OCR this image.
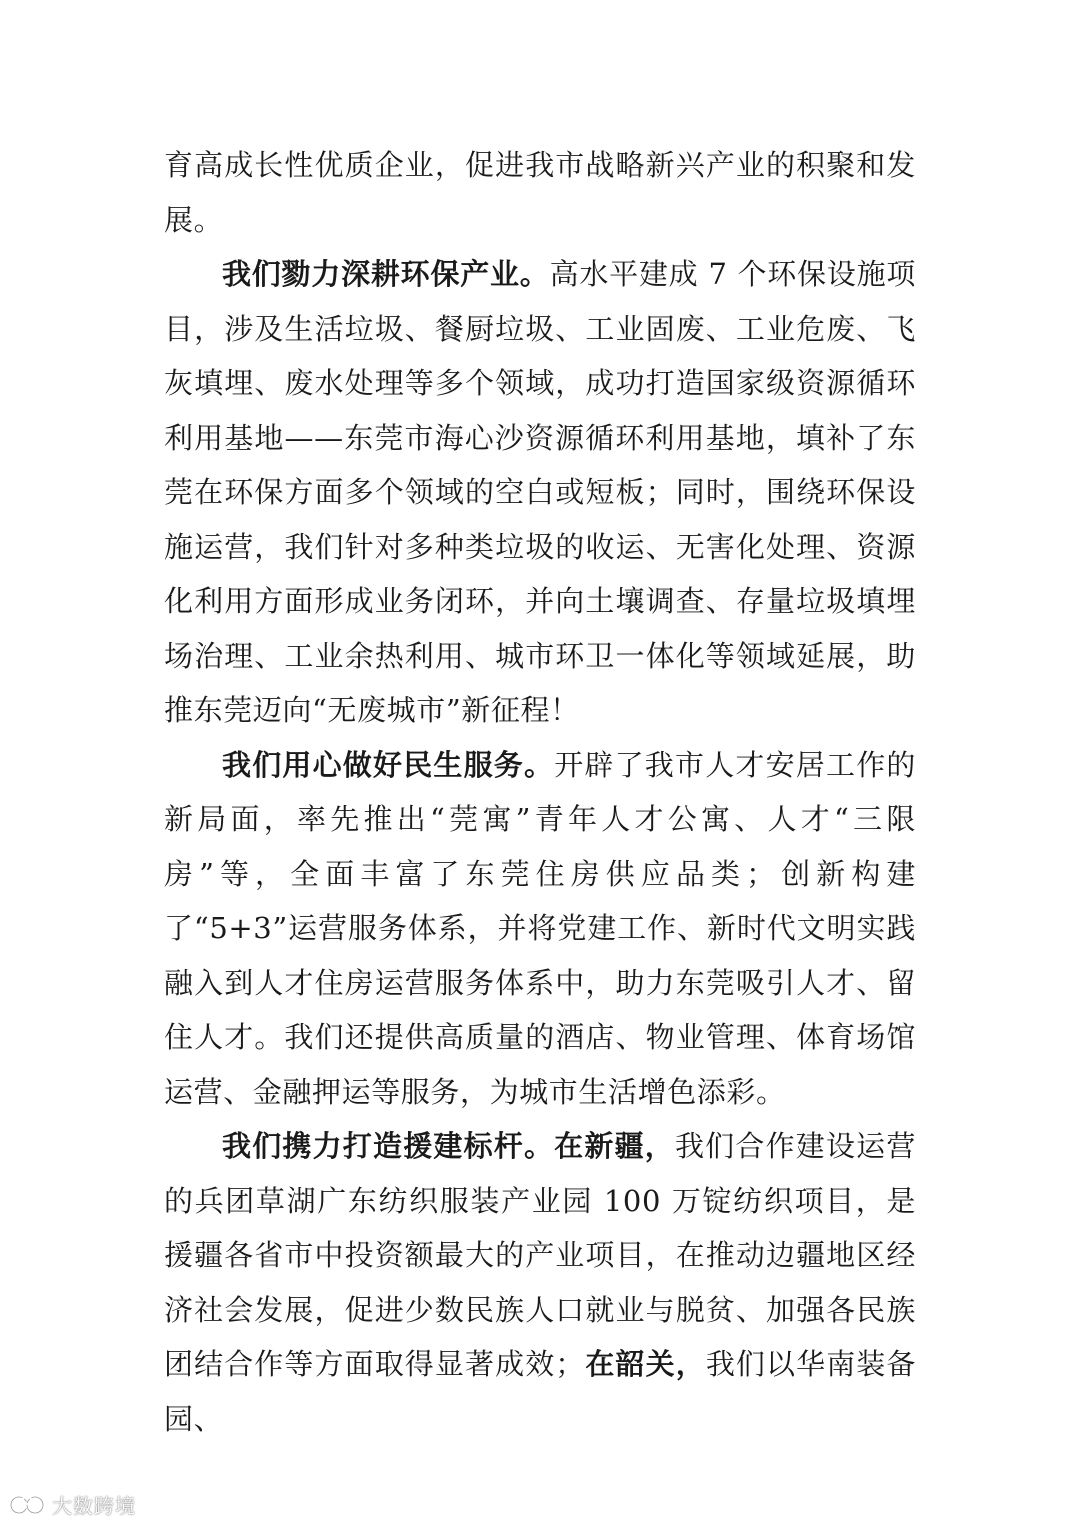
育高成长性优质企业，促进我市战略新兴产业的积聚和发展。

我们勠力深耕环保产业。高水平建成 7 个环保设施项目，涉及生活垃圾、餐厨垃圾、工业固废、工业危废、飞灰填埋、废水处理等多个领域，成功打造国家级资源循环利用基地——东莞市海心沙资源循环利用基地，填补了东莞在环保方面多个领域的空白或短板；同时，围绕环保设施运营，我们针对多种类垃圾的收运、无害化处理、资源化利用方面形成业务闭环，并向土壤调查、存量垃圾填埋场治理、工业余热利用、城市环卫一体化等领域延展，助推东莞迈向“无废城市”新征程！

我们用心做好民生服务。开辟了我市人才安居工作的新局面，率先推出“莞寓”青年人才公寓、人才“三限房”等，全面丰富了东莞住房供应品类；创新构建了“5+3”运营服务体系，并将党建工作、新时代文明实践融入到人才住房运营服务体系中，助力东莞吸引人才、留住人才。我们还提供高质量的酒店、物业管理、体育场馆运营、金融押运等服务，为城市生活增色添彩。

我们携力打造援建标杆。在新疆，我们合作建设运营的兵团草湖广东纺织服装产业园 100 万锭纺织项目，是援疆各省市中投资额最大的产业项目，在推动边疆地区经济社会发展，促进少数民族人口就业与脱贫、加强各民族团结合作等方面取得显著成效；在韶关，我们以华南装备园、

大数跨境
